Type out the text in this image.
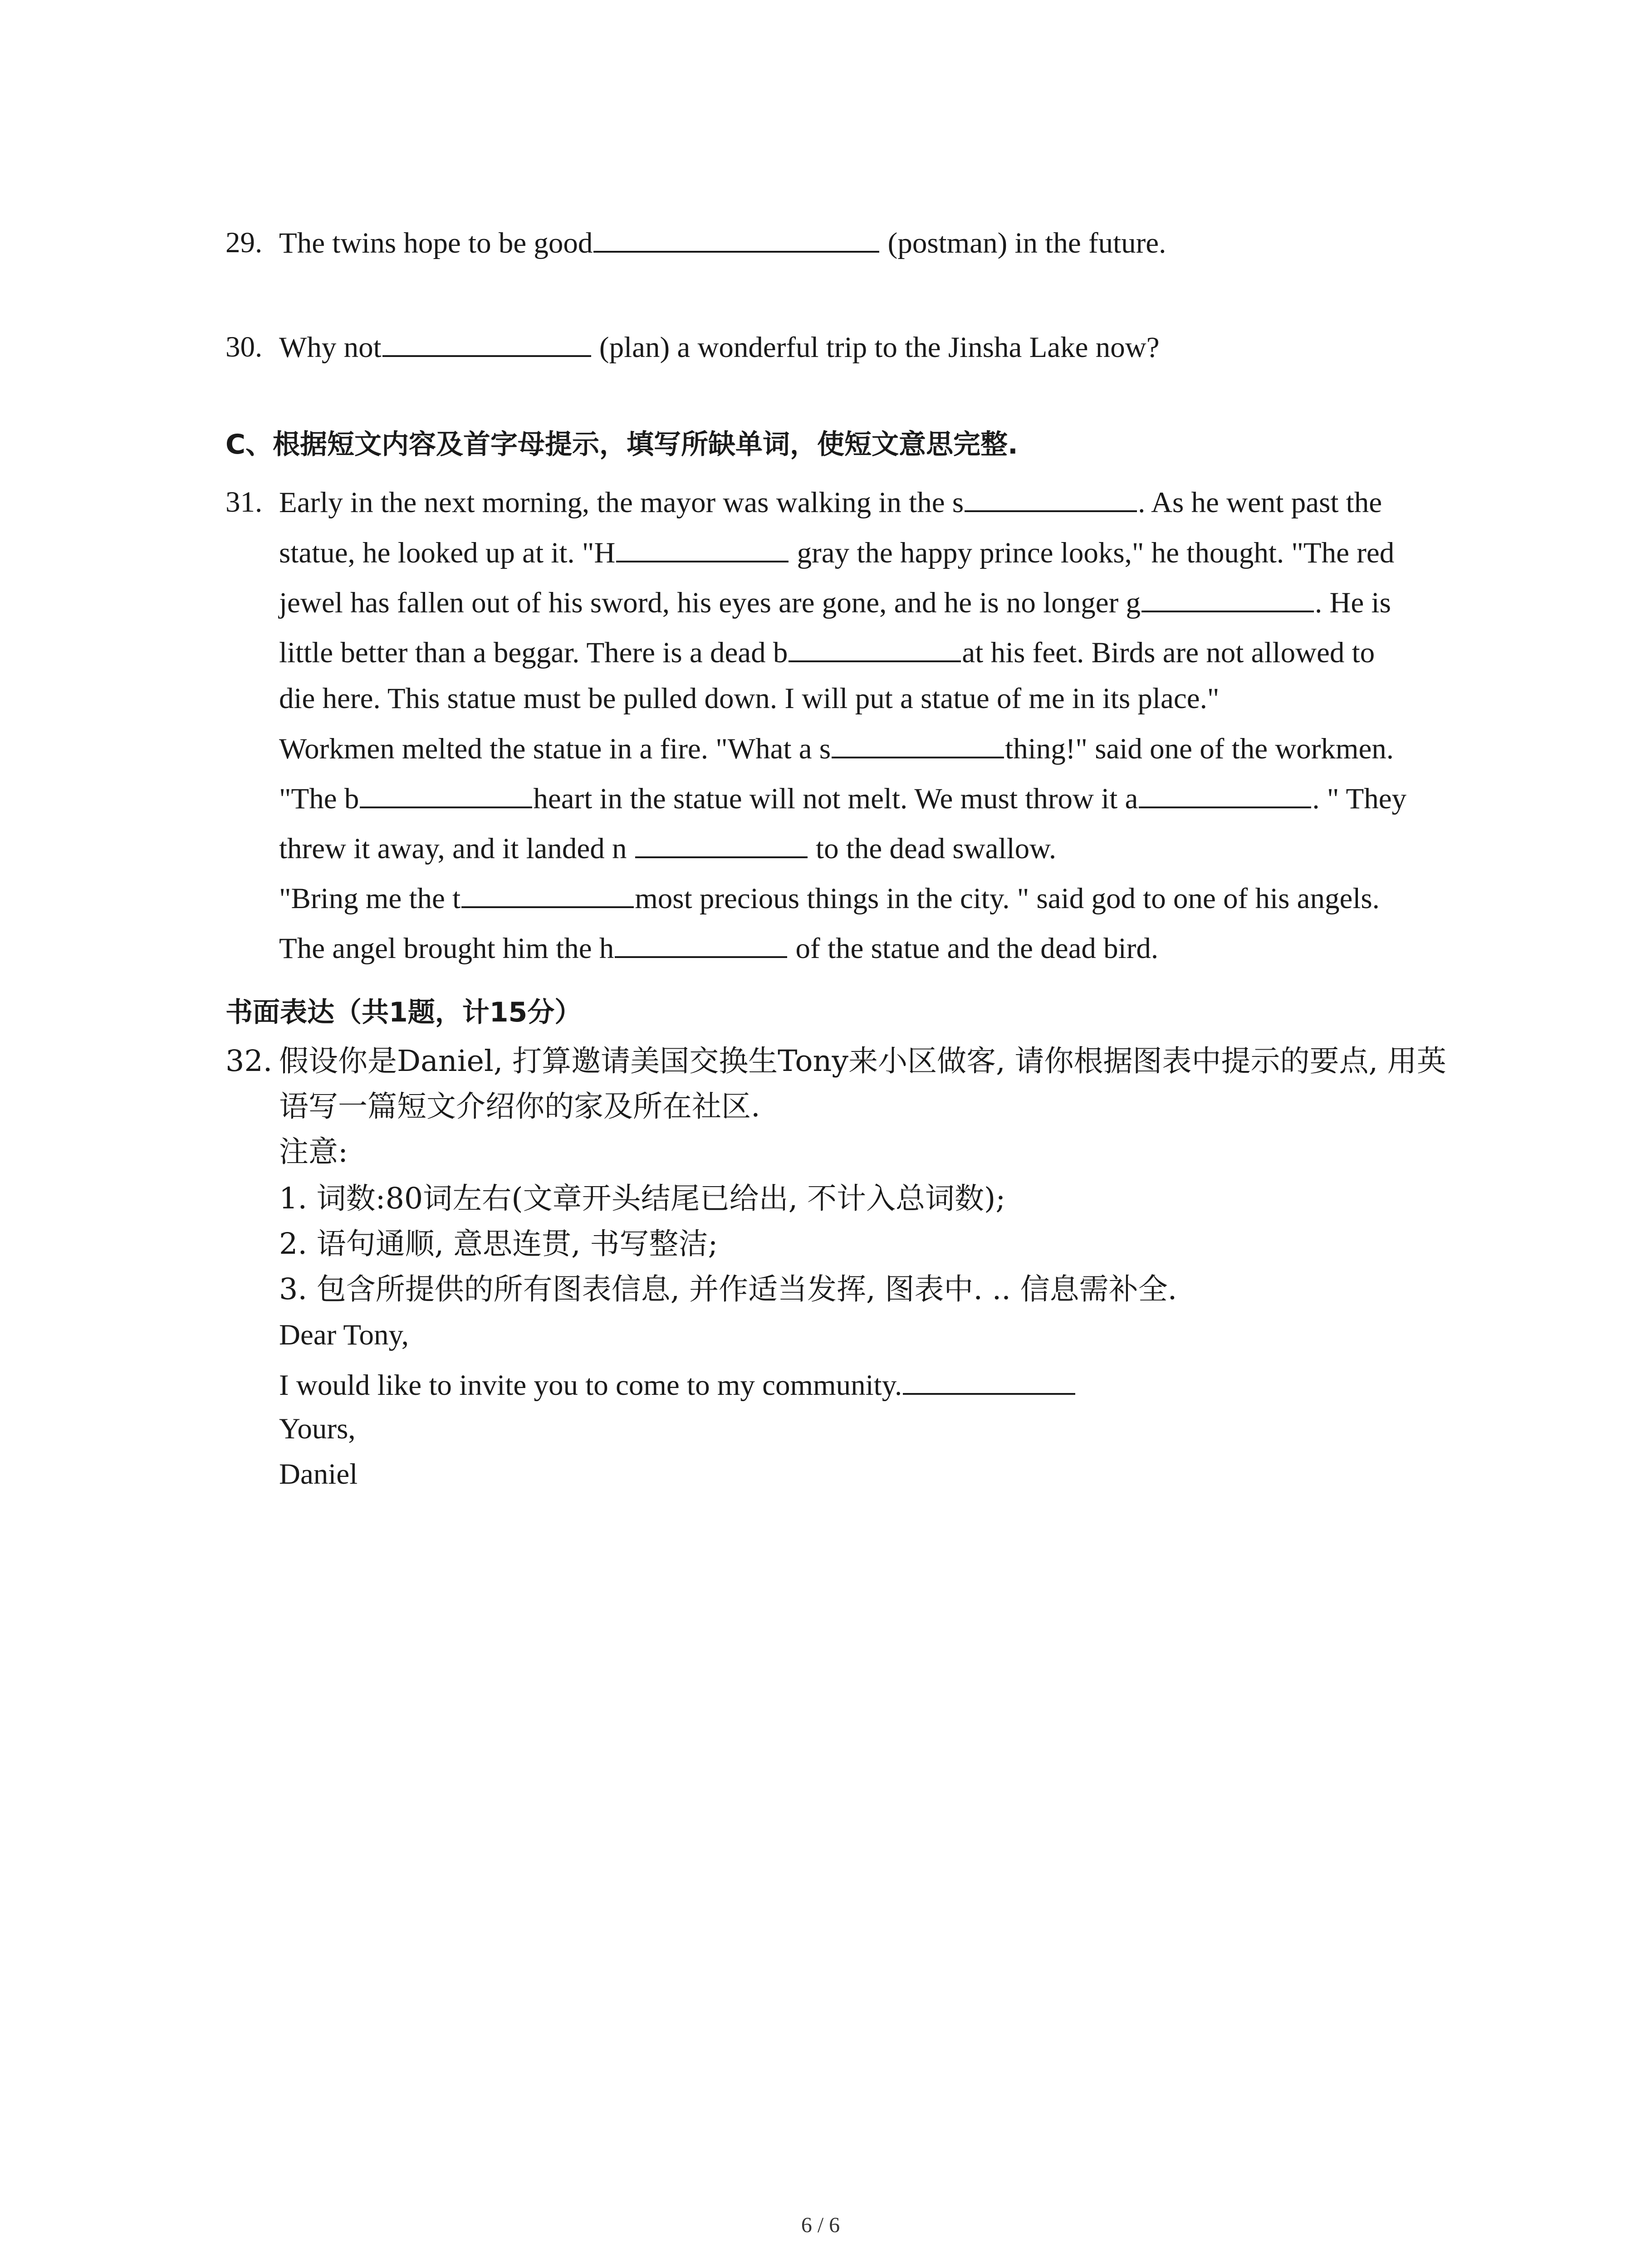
29. The twins hope to be good	(postman) in the future.
30. Why not	(plan) a wonderful trip to the Jinsha Lake now?
C、根据短文内容及首字母提示，填写所缺单词，使短文意思完整.
31. Early in the next morning, the mayor was walking in the s	. As he went past the
statue, he looked up at it. "H	gray the happy prince looks," he thought. "The red
jewel has fallen out of his sword, his eyes are gone, and he is no longer g	. He is
little better than a beggar. There is a dead b	at his feet. Birds are not allowed to
die here. This statue must be pulled down. I will put a statue of me in its place."
Workmen melted the statue in a fire. "What a s	thing!" said one of the workmen.
"The b	heart in the statue will not melt. We must throw it a	. " They
threw it away, and it landed n	to the dead swallow.
"Bring me the t	most precious things in the city. " said god to one of his angels.
The angel brought him the h	of the statue and the dead bird.
书面表达（共1题，计15分）
32. 假设你是Daniel, 打算邀请美国交换生Tony来小区做客, 请你根据图表中提示的要点, 用英
语写一篇短文介绍你的家及所在社区.
注意:
1. 词数:80词左右(文章开头结尾已给出, 不计入总词数);
2. 语句通顺, 意思连贯, 书写整洁;
3. 包含所提供的所有图表信息, 并作适当发挥, 图表中. .. 信息需补全.
Dear Tony,
I would like to invite you to come to my community.
Yours,
Daniel
6 / 6
